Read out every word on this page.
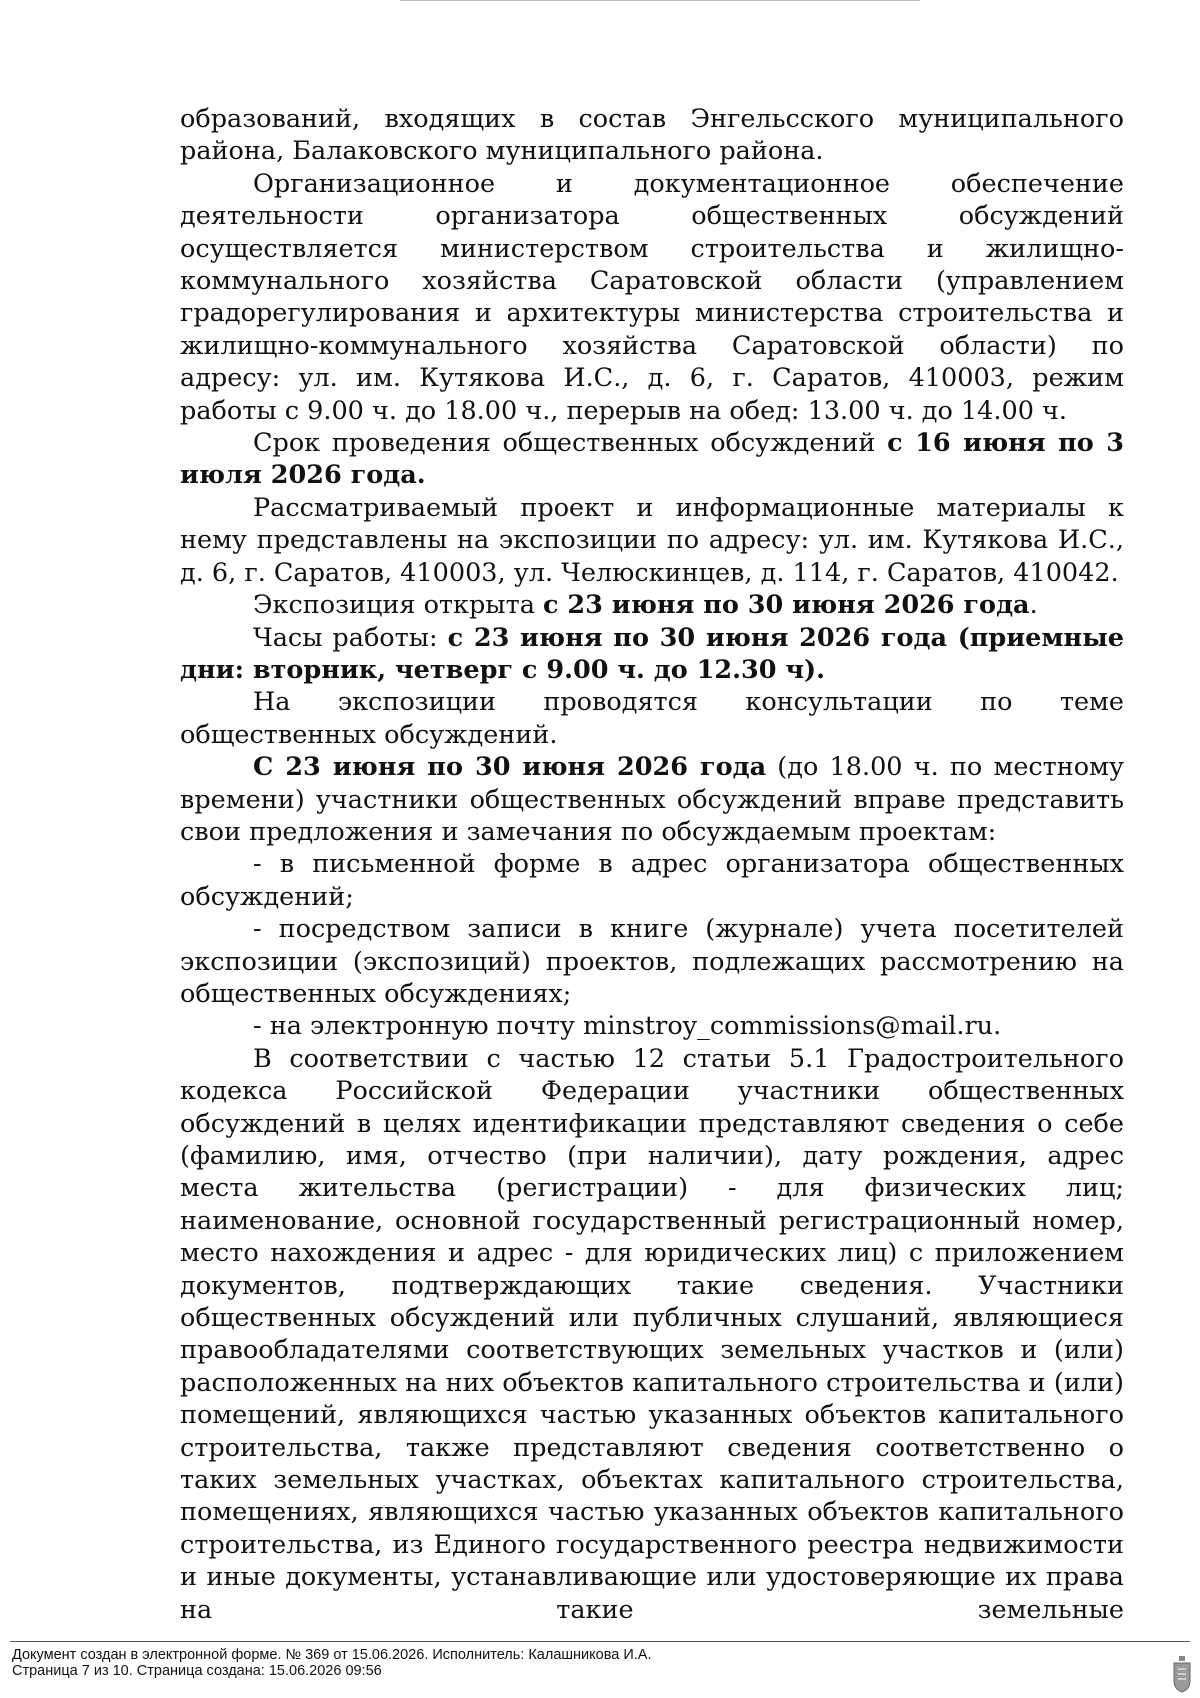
образований, входящих в состав Энгельсского муниципального района, Балаковского муниципального района.

Организационное и документационное обеспечение деятельности организатора общественных обсуждений осуществляется министерством строительства и жилищно-коммунального хозяйства Саратовской области (управлением градорегулирования и архитектуры министерства строительства и жилищно-коммунального хозяйства Саратовской области) по адресу: ул. им. Кутякова И.С., д. 6, г. Саратов, 410003, режим работы с 9.00 ч. до 18.00 ч., перерыв на обед: 13.00 ч. до 14.00 ч.

Срок проведения общественных обсуждений с 16 июня по 3 июля 2026 года.

Рассматриваемый проект и информационные материалы к нему представлены на экспозиции по адресу: ул. им. Кутякова И.С., д. 6, г. Саратов, 410003, ул. Челюскинцев, д. 114, г. Саратов, 410042.

Экспозиция открыта с 23 июня по 30 июня 2026 года.

Часы работы: с 23 июня по 30 июня 2026 года (приемные дни: вторник, четверг с 9.00 ч. до 12.30 ч).

На экспозиции проводятся консультации по теме общественных обсуждений.

С 23 июня по 30 июня 2026 года (до 18.00 ч. по местному времени) участники общественных обсуждений вправе представить свои предложения и замечания по обсуждаемым проектам:

- в письменной форме в адрес организатора общественных обсуждений;

- посредством записи в книге (журнале) учета посетителей экспозиции (экспозиций) проектов, подлежащих рассмотрению на общественных обсуждениях;

- на электронную почту minstroy_commissions@mail.ru.

В соответствии с частью 12 статьи 5.1 Градостроительного кодекса Российской Федерации участники общественных обсуждений в целях идентификации представляют сведения о себе (фамилию, имя, отчество (при наличии), дату рождения, адрес места жительства (регистрации) - для физических лиц; наименование, основной государственный регистрационный номер, место нахождения и адрес - для юридических лиц) с приложением документов, подтверждающих такие сведения. Участники общественных обсуждений или публичных слушаний, являющиеся правообладателями соответствующих земельных участков и (или) расположенных на них объектов капитального строительства и (или) помещений, являющихся частью указанных объектов капитального строительства, также представляют сведения соответственно о таких земельных участках, объектах капитального строительства, помещениях, являющихся частью указанных объектов капитального строительства, из Единого государственного реестра недвижимости и иные документы, устанавливающие или удостоверяющие их права на такие земельные

Документ создан в электронной форме. № 369 от 15.06.2026. Исполнитель: Калашникова И.А.
Страница 7 из 10. Страница создана: 15.06.2026 09:56
